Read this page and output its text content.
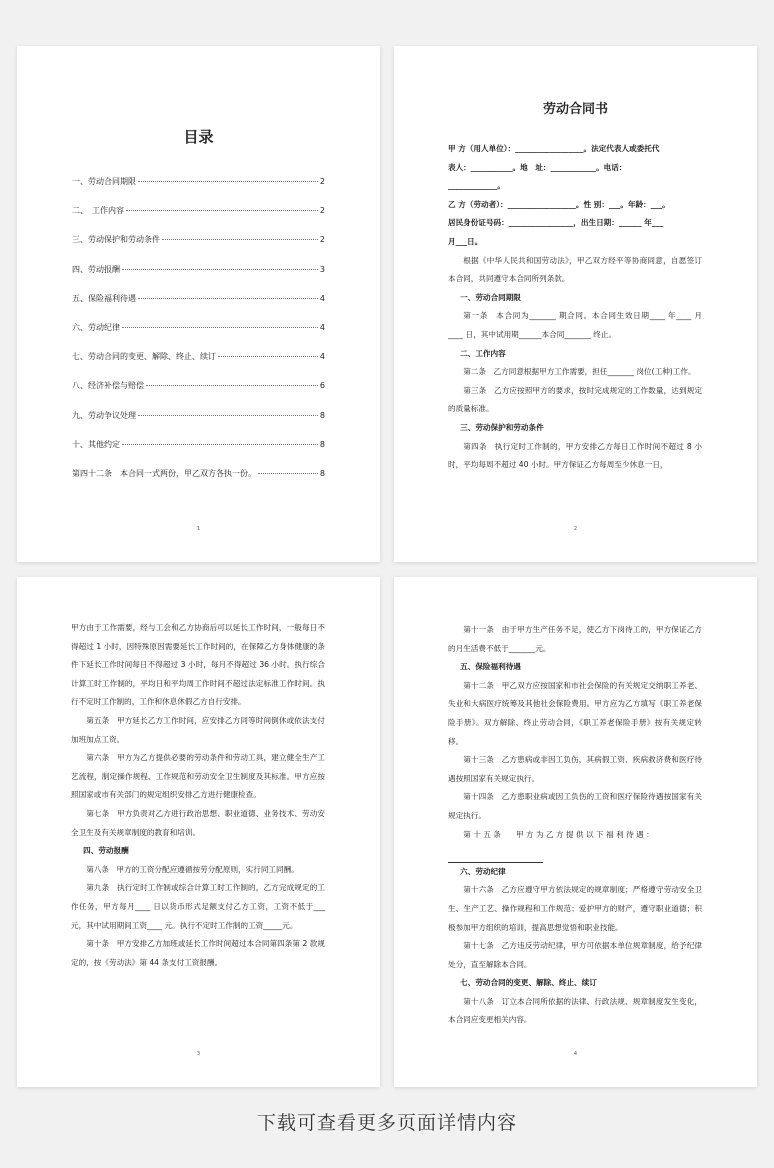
目录
一、劳动合同期限	2
二、　工作内容	2
三、劳动保护和劳动条件	2
四、劳动报酬	3
五、保险福利待遇	4
六、劳动纪律	4
七、劳动合同的变更、解除、终止、续订	4
八、经济补偿与赔偿	6
九、劳动争议处理	8
十、其他约定	8
第四十二条　本合同一式两份，甲乙双方各执一份。	8
1
劳动合同书

甲 方（用人单位）：__________________。法定代表人或委托代

表人：___________。地　址：____________。电话：

_____________。

乙 方（劳动者）：__________________。性 别：___。年龄：___。

居民身份证号码：_________________，出生日期：______ 年___

月___日。

根据《中华人民共和国劳动法》，甲乙双方经平等协商同意，自愿签订本合同，共同遵守本合同所列条款。

一、劳动合同期限

第一条　本合同为_______ 期合同。本合同生效日期____ 年____ 月____ 日，其中试用期______本合同_______ 终止。

二、工作内容

第二条　乙方同意根据甲方工作需要，担任_______ 岗位(工种)工作。

第三条　乙方应按照甲方的要求，按时完成规定的工作数量，达到规定的质量标准。

三、劳动保护和劳动条件

第四条　执行定时工作制的，甲方安排乙方每日工作时间不超过 8 小时，平均每周不超过 40 小时。甲方保证乙方每周至少休息一日，

2

甲方由于工作需要，经与工会和乙方协商后可以延长工作时间，一般每日不得超过 1 小时，因特殊原因需要延长工作时间的，在保障乙方身体健康的条件下延长工作时间每日不得超过 3 小时，每月不得超过 36 小时。执行综合计算工时工作制的，平均日和平均周工作时间不超过法定标准工作时间。执行不定时工作制的，工作和休息休假乙方自行安排。

第五条　甲方延长乙方工作时间，应安排乙方同等时间倒休或依法支付加班加点工资。

第六条　甲方为乙方提供必要的劳动条件和劳动工具，建立健全生产工艺流程，制定操作规程、工作规范和劳动安全卫生制度及其标准。甲方应按照国家或市有关部门的规定组织安排乙方进行健康检查。

第七条　甲方负责对乙方进行政治思想、职业道德、业务技术、劳动安全卫生及有关规章制度的教育和培训。

四、劳动报酬

第八条　甲方的工资分配应遵循按劳分配原则，实行同工同酬。

第九条　执行定时工作制或综合计算工时工作制的，乙方完成规定的工作任务，甲方每月____ 日以货币形式足额支付乙方工资，工资不低于___元，其中试用期间工资____ 元。执行不定时工作制的工资_____元。

第十条　甲方安排乙方加班或延长工作时间超过本合同第四条第 2 款规定的，按《劳动法》第 44 条支付工资报酬。

3

第十一条　由于甲方生产任务不足，使乙方下岗待工的，甲方保证乙方的月生活费不低于_______元。

五、保险福利待遇

第十二条　甲乙双方应按国家和市社会保险的有关规定交纳职工养老、失业和大病医疗统筹及其他社会保险费用。甲方应为乙方填写《职工养老保险手册》。双方解除、终止劳动合同，《职工养老保险手册》按有关规定转移。

第十三条　乙方患病或非因工负伤，其病假工资、疾病救济费和医疗待遇按照国家有关规定执行。

第十四条　乙方患职业病或因工负伤的工资和医疗保险待遇按国家有关规定执行。

第 十 五 条　　甲 方 为 乙 方 提 供 以 下 福 利 待 遇 ：

六、劳动纪律

第十六条　乙方应遵守甲方依法规定的规章制度；严格遵守劳动安全卫生、生产工艺、操作规程和工作规范；爱护甲方的财产，遵守职业道德；积极参加甲方组织的培训，提高思想觉悟和职业技能。

第十七条　乙方违反劳动纪律，甲方可依据本单位规章制度，给予纪律处分，直至解除本合同。

七、劳动合同的变更、解除、终止、续订

第十八条　订立本合同所依据的法律、行政法规、规章制度发生变化，本合同应变更相关内容。

4
下载可查看更多页面详情内容
